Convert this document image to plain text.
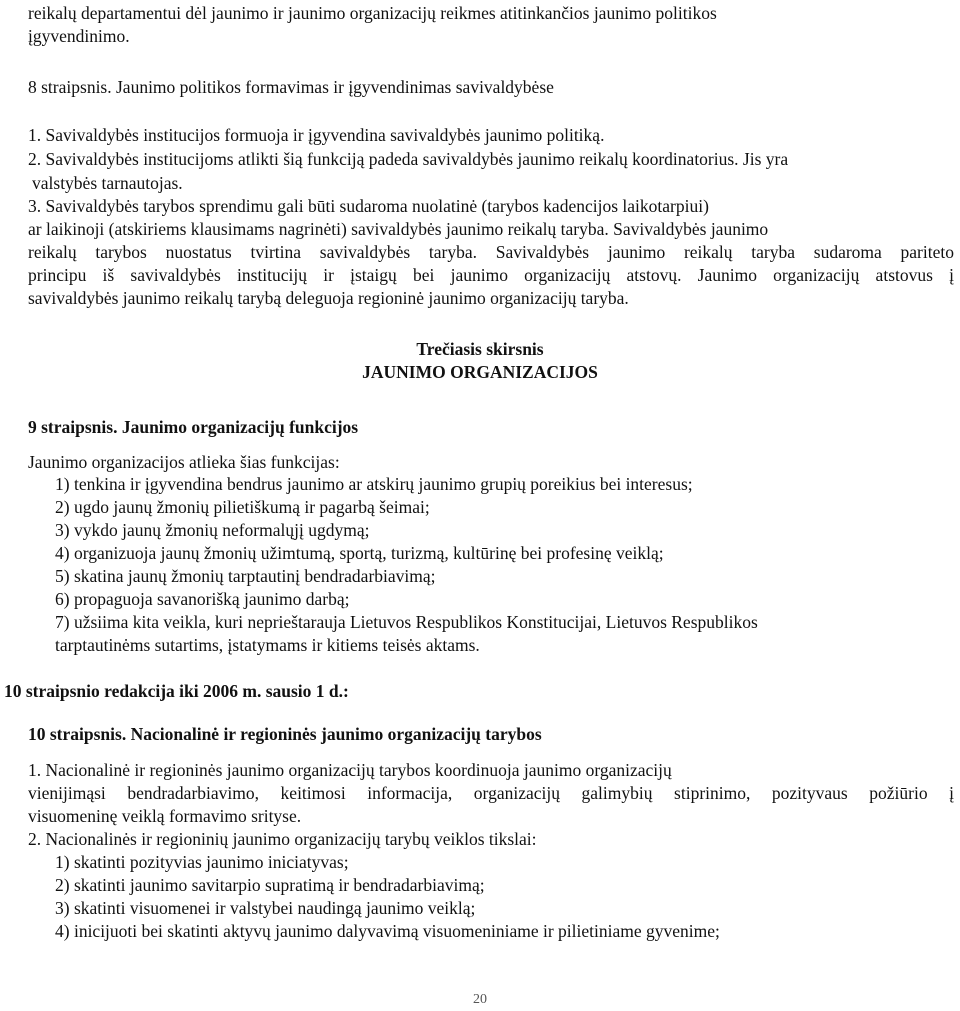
reikalų departamentui dėl jaunimo ir jaunimo organizacijų reikmes atitinkančios jaunimo politikos
įgyvendinimo.
8 straipsnis. Jaunimo politikos formavimas ir įgyvendinimas savivaldybėse
1. Savivaldybės institucijos formuoja ir įgyvendina savivaldybės jaunimo politiką.
2. Savivaldybės institucijoms atlikti šią funkciją padeda savivaldybės jaunimo reikalų koordinatorius. Jis yra
valstybės tarnautojas.
3. Savivaldybės tarybos sprendimu gali būti sudaroma nuolatinė (tarybos kadencijos laikotarpiui)
ar laikinoji (atskiriems klausimams nagrinėti) savivaldybės jaunimo reikalų taryba. Savivaldybės jaunimo
reikalų tarybos nuostatus tvirtina savivaldybės taryba. Savivaldybės jaunimo reikalų taryba sudaroma pariteto
principu iš savivaldybės institucijų ir įstaigų bei jaunimo organizacijų atstovų. Jaunimo organizacijų atstovus į
savivaldybės jaunimo reikalų tarybą deleguoja regioninė jaunimo organizacijų taryba.
Trečiasis skirsnis
JAUNIMO ORGANIZACIJOS
9 straipsnis. Jaunimo organizacijų funkcijos
Jaunimo organizacijos atlieka šias funkcijas:
1) tenkina ir įgyvendina bendrus jaunimo ar atskirų jaunimo grupių poreikius bei interesus;
2) ugdo jaunų žmonių pilietiškumą ir pagarbą šeimai;
3) vykdo jaunų žmonių neformalųjį ugdymą;
4) organizuoja jaunų žmonių užimtumą, sportą, turizmą, kultūrinę bei profesinę veiklą;
5) skatina jaunų žmonių tarptautinį bendradarbiavimą;
6) propaguoja savanorišką jaunimo darbą;
7) užsiima kita veikla, kuri neprieštarauja Lietuvos Respublikos Konstitucijai, Lietuvos Respublikos
tarptautinėms sutartims, įstatymams ir kitiems teisės aktams.
10 straipsnio redakcija iki 2006 m. sausio 1 d.:
10 straipsnis. Nacionalinė ir regioninės jaunimo organizacijų tarybos
1. Nacionalinė ir regioninės jaunimo organizacijų tarybos koordinuoja jaunimo organizacijų
vienijimąsi bendradarbiavimo, keitimosi informacija, organizacijų galimybių stiprinimo, pozityvaus požiūrio į
visuomeninę veiklą formavimo srityse.
2. Nacionalinės ir regioninių jaunimo organizacijų tarybų veiklos tikslai:
1) skatinti pozityvias jaunimo iniciatyvas;
2) skatinti jaunimo savitarpio supratimą ir bendradarbiavimą;
3) skatinti visuomenei ir valstybei naudingą jaunimo veiklą;
4) inicijuoti bei skatinti aktyvų jaunimo dalyvavimą visuomeniniame ir pilietiniame gyvenime;
20
